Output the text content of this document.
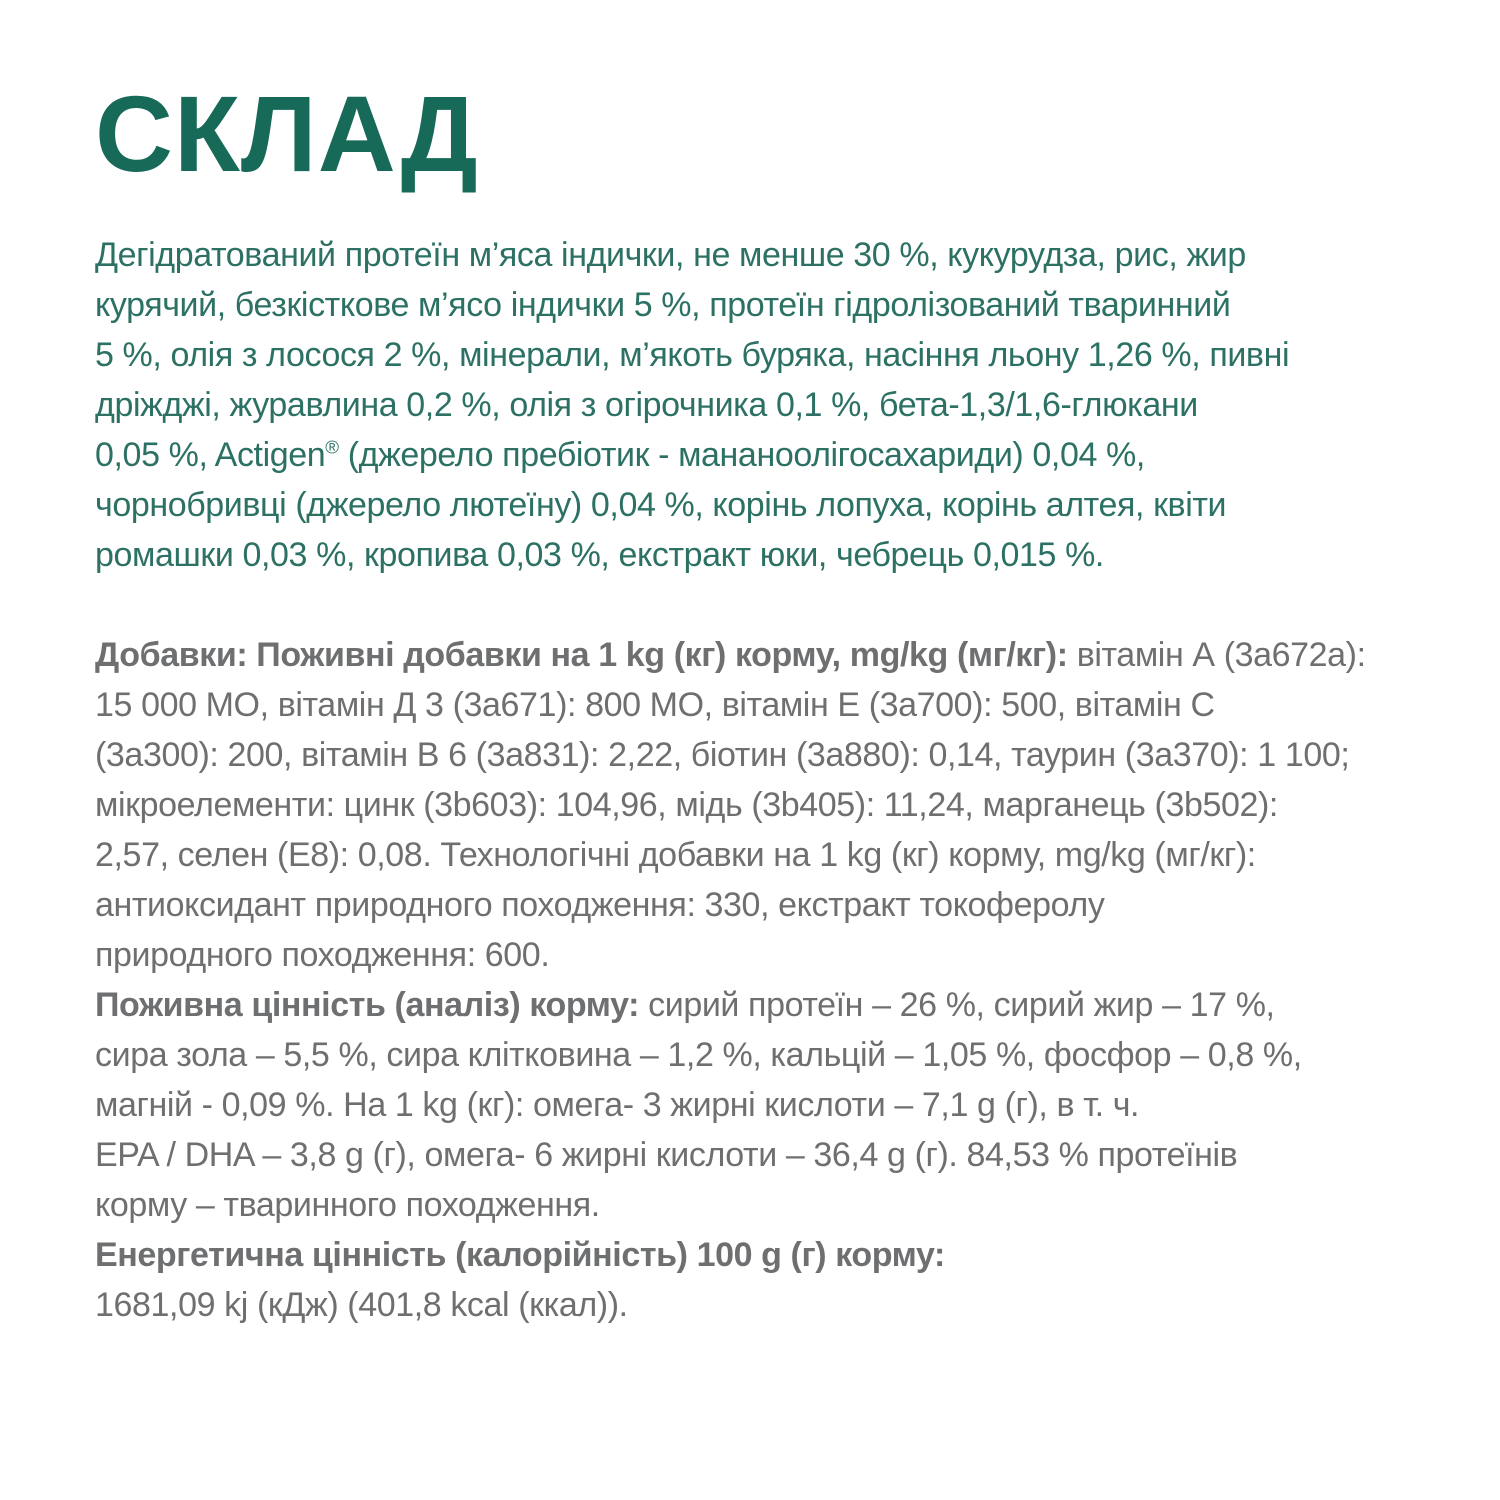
СКЛАД
Дегідратований протеїн м’яса індички, не менше 30 %, кукурудза, рис, жир
курячий, безкісткове м’ясо індички 5 %, протеїн гідролізований тваринний
5 %, олія з лосося 2 %, мінерали, м’якоть буряка, насіння льону 1,26 %, пивні
дріжджі, журавлина 0,2 %, олія з огірочника 0,1 %, бета-1,3/1,6-глюкани
0,05 %, Actigen® (джерело пребіотик - мананоолігосахариди) 0,04 %,
чорнобривці (джерело лютеїну) 0,04 %, корінь лопуха, корінь алтея, квіти
ромашки 0,03 %, кропива 0,03 %, екстракт юки, чебрець 0,015 %.
Добавки: Поживні добавки на 1 kg (кг) корму, mg/kg (мг/кг): вітамін А (3a672a):
15 000 МО, вітамін Д 3 (3a671): 800 МО, вітамін Е (3a700): 500, вітамін С
(3a300): 200, вітамін В 6 (3a831): 2,22, біотин (3a880): 0,14, таурин (3a370): 1 100;
мікроелементи: цинк (3b603): 104,96, мідь (3b405): 11,24, марганець (3b502):
2,57, селен (E8): 0,08. Технологічні добавки на 1 kg (кг) корму, mg/kg (мг/кг):
антиоксидант природного походження: 330, екстракт токоферолу
природного походження: 600.
Поживна цінність (аналіз) корму: сирий протеїн – 26 %, сирий жир – 17 %,
сира зола – 5,5 %, сира клітковина – 1,2 %, кальцій – 1,05 %, фосфор – 0,8 %,
магній - 0,09 %. На 1 kg (кг): омега- 3 жирні кислоти – 7,1 g (г), в т. ч.
EPA / DHA – 3,8 g (г), омега- 6 жирні кислоти – 36,4 g (г). 84,53 % протеїнів
корму – тваринного походження.
Енергетична цінність (калорійність) 100 g (г) корму:
1681,09 kj (кДж) (401,8 kcal (ккал)).
